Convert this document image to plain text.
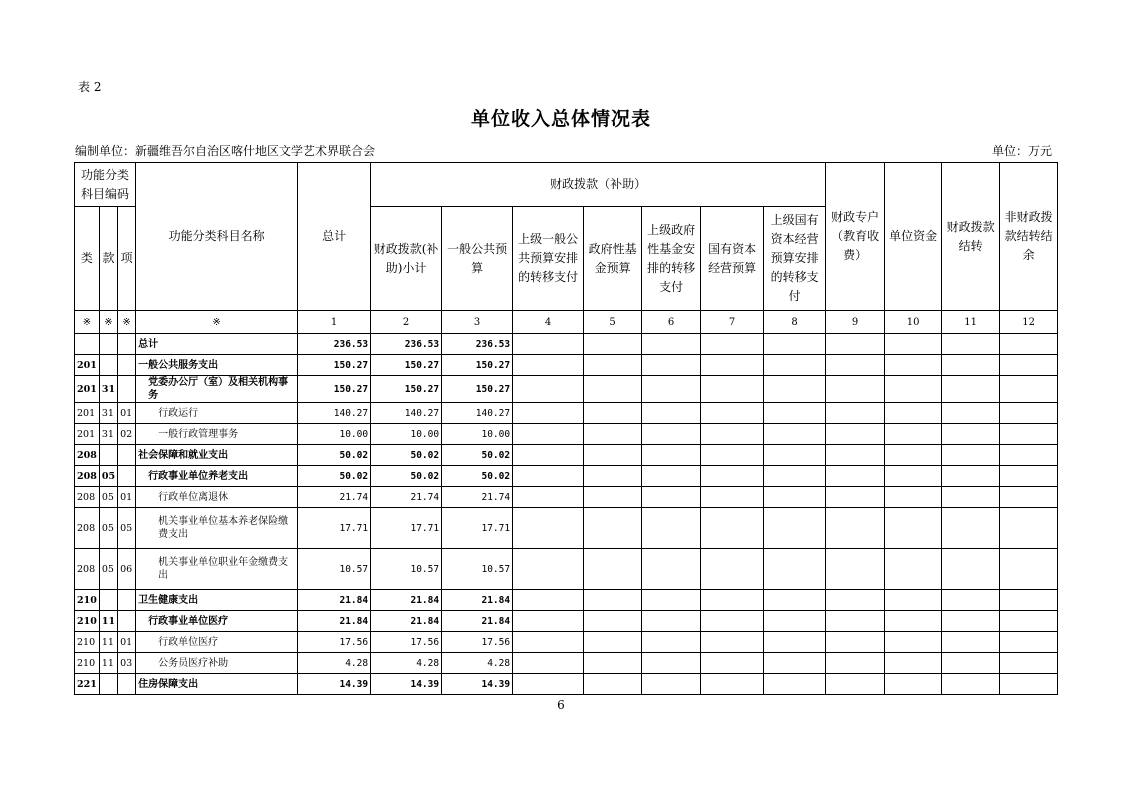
表 2
单位收入总体情况表
编制单位：新疆维吾尔自治区喀什地区文学艺术界联合会	单位：万元
功能分类科目编码			功能分类科目名称	总计	财政拨款（补助）							财政专户（教育收费）	单位资金	财政拨款结转	非财政拨款结转结余
类	款	项			财政拨款(补助)小计	一般公共预算	上级一般公共预算安排的转移支付	政府性基金预算	上级政府性基金安排的转移支付	国有资本经营预算	上级国有资本经营预算安排的转移支付				
※	※	※	※	1	2	3	4	5	6	7	8	9	10	11	12
			总计	236.53	236.53	236.53									
201			一般公共服务支出	150.27	150.27	150.27									
201	31		党委办公厅（室）及相关机构事务	150.27	150.27	150.27									
201	31	01	行政运行	140.27	140.27	140.27									
201	31	02	一般行政管理事务	10.00	10.00	10.00									
208			社会保障和就业支出	50.02	50.02	50.02									
208	05		行政事业单位养老支出	50.02	50.02	50.02									
208	05	01	行政单位离退休	21.74	21.74	21.74									
208	05	05	机关事业单位基本养老保险缴费支出	17.71	17.71	17.71									
208	05	06	机关事业单位职业年金缴费支出	10.57	10.57	10.57									
210			卫生健康支出	21.84	21.84	21.84									
210	11		行政事业单位医疗	21.84	21.84	21.84									
210	11	01	行政单位医疗	17.56	17.56	17.56									
210	11	03	公务员医疗补助	4.28	4.28	4.28									
221			住房保障支出	14.39	14.39	14.39									
6
